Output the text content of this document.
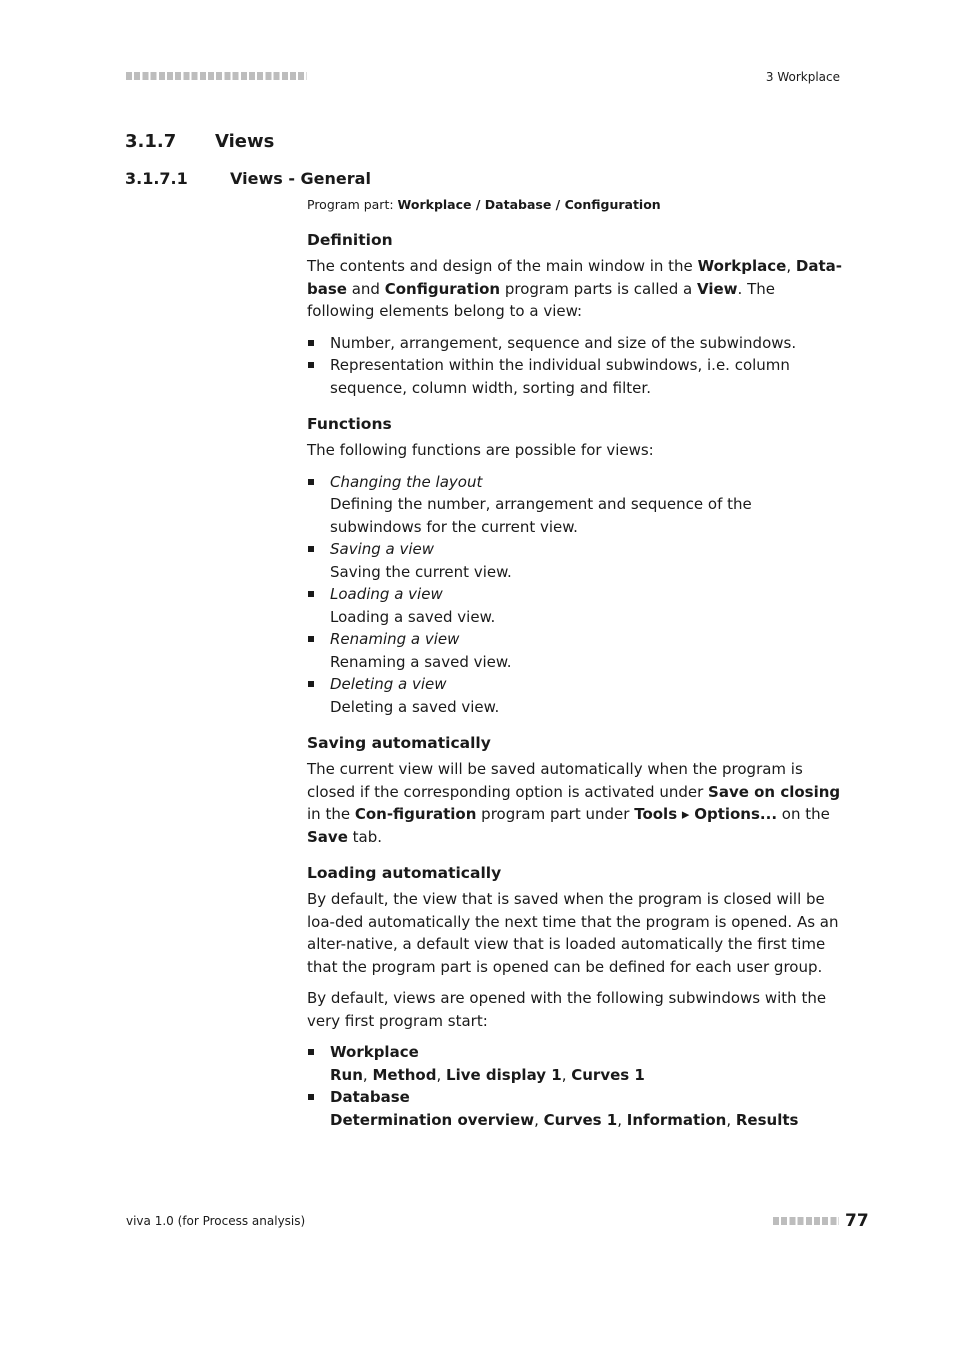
3 Workplace
3.1.7 Views
3.1.7.1	Views - General

Program part: Workplace / Database / Configuration

Definition

The contents and design of the main window in the Workplace, Data-base and Configuration program parts is called a View. The following elements belong to a view:

Number, arrangement, sequence and size of the subwindows.
Representation within the individual subwindows, i.e. column sequence, column width, sorting and filter.
Functions

The following functions are possible for views:

Changing the layout
Defining the number, arrangement and sequence of the subwindows for the current view.
Saving a view
Saving the current view.
Loading a view
Loading a saved view.
Renaming a view
Renaming a saved view.
Deleting a view
Deleting a saved view.
Saving automatically

The current view will be saved automatically when the program is closed if the corresponding option is activated under Save on closing in the Con-figuration program part under Tools ▸ Options... on the Save tab.

Loading automatically

By default, the view that is saved when the program is closed will be loa-ded automatically the next time that the program is opened. As an alter-native, a default view that is loaded automatically the first time that the program part is opened can be defined for each user group.

By default, views are opened with the following subwindows with the very first program start:

Workplace
Run, Method, Live display 1, Curves 1
Database
Determination overview, Curves 1, Information, Results
viva 1.0 (for Process analysis)	77
